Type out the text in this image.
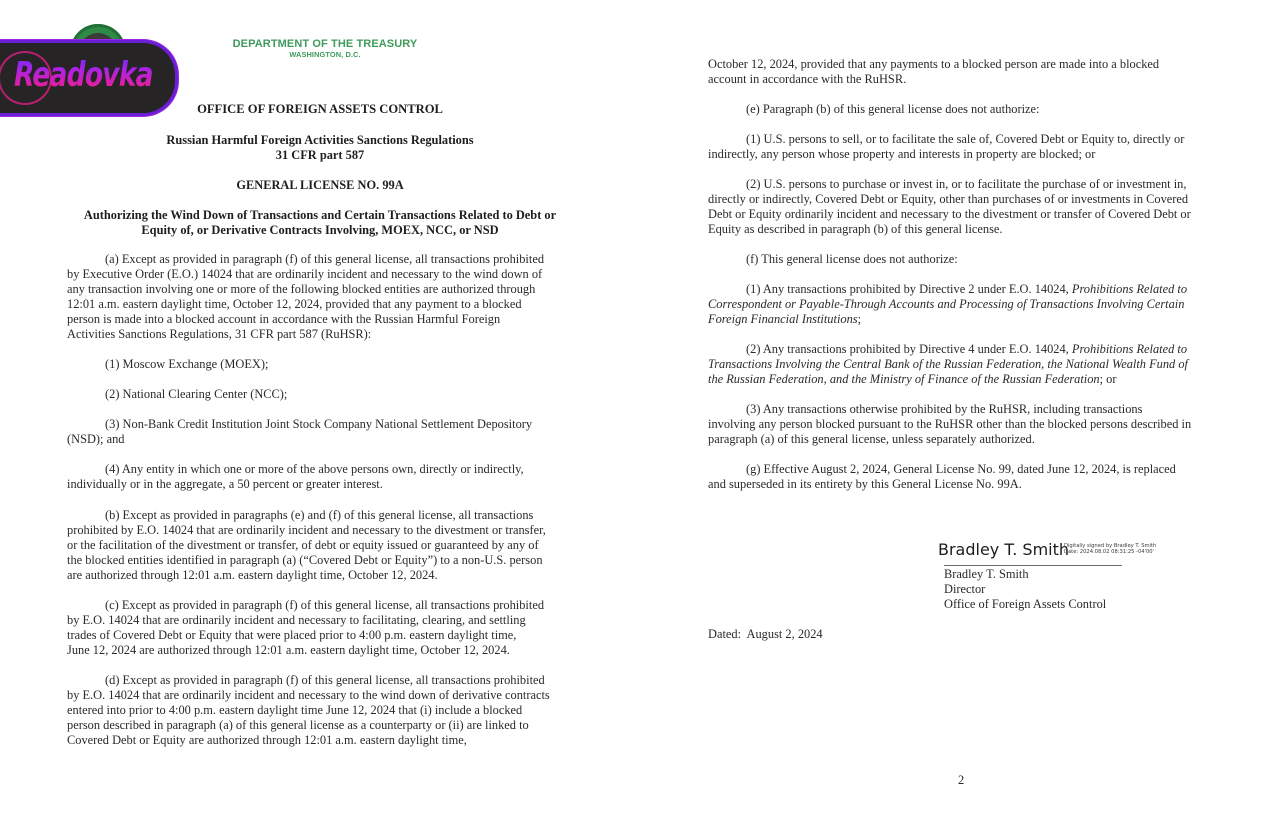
DEPARTMENT OF THE TREASURY
WASHINGTON, D.C.
OFFICE OF FOREIGN ASSETS CONTROL
Russian Harmful Foreign Activities Sanctions Regulations
31 CFR part 587
GENERAL LICENSE NO. 99A
Authorizing the Wind Down of Transactions and Certain Transactions Related to Debt or
Equity of, or Derivative Contracts Involving, MOEX, NCC, or NSD
(a) Except as provided in paragraph (f) of this general license, all transactions prohibited
by Executive Order (E.O.) 14024 that are ordinarily incident and necessary to the wind down of
any transaction involving one or more of the following blocked entities are authorized through
12:01 a.m. eastern daylight time, October 12, 2024, provided that any payment to a blocked
person is made into a blocked account in accordance with the Russian Harmful Foreign
Activities Sanctions Regulations, 31 CFR part 587 (RuHSR):
(1) Moscow Exchange (MOEX);
(2) National Clearing Center (NCC);
(3) Non-Bank Credit Institution Joint Stock Company National Settlement Depository
(NSD); and
(4) Any entity in which one or more of the above persons own, directly or indirectly,
individually or in the aggregate, a 50 percent or greater interest.
(b) Except as provided in paragraphs (e) and (f) of this general license, all transactions
prohibited by E.O. 14024 that are ordinarily incident and necessary to the divestment or transfer,
or the facilitation of the divestment or transfer, of debt or equity issued or guaranteed by any of
the blocked entities identified in paragraph (a) (“Covered Debt or Equity”) to a non-U.S. person
are authorized through 12:01 a.m. eastern daylight time, October 12, 2024.
(c) Except as provided in paragraph (f) of this general license, all transactions prohibited
by E.O. 14024 that are ordinarily incident and necessary to facilitating, clearing, and settling
trades of Covered Debt or Equity that were placed prior to 4:00 p.m. eastern daylight time,
June 12, 2024 are authorized through 12:01 a.m. eastern daylight time, October 12, 2024.
(d) Except as provided in paragraph (f) of this general license, all transactions prohibited
by E.O. 14024 that are ordinarily incident and necessary to the wind down of derivative contracts
entered into prior to 4:00 p.m. eastern daylight time June 12, 2024 that (i) include a blocked
person described in paragraph (a) of this general license as a counterparty or (ii) are linked to
Covered Debt or Equity are authorized through 12:01 a.m. eastern daylight time,
October 12, 2024, provided that any payments to a blocked person are made into a blocked
account in accordance with the RuHSR.
(e) Paragraph (b) of this general license does not authorize:
(1) U.S. persons to sell, or to facilitate the sale of, Covered Debt or Equity to, directly or
indirectly, any person whose property and interests in property are blocked; or
(2) U.S. persons to purchase or invest in, or to facilitate the purchase of or investment in,
directly or indirectly, Covered Debt or Equity, other than purchases of or investments in Covered
Debt or Equity ordinarily incident and necessary to the divestment or transfer of Covered Debt or
Equity as described in paragraph (b) of this general license.
(f) This general license does not authorize:
(1) Any transactions prohibited by Directive 2 under E.O. 14024, Prohibitions Related to
Correspondent or Payable-Through Accounts and Processing of Transactions Involving Certain
Foreign Financial Institutions;
(2) Any transactions prohibited by Directive 4 under E.O. 14024, Prohibitions Related to
Transactions Involving the Central Bank of the Russian Federation, the National Wealth Fund of
the Russian Federation, and the Ministry of Finance of the Russian Federation; or
(3) Any transactions otherwise prohibited by the RuHSR, including transactions
involving any person blocked pursuant to the RuHSR other than the blocked persons described in
paragraph (a) of this general license, unless separately authorized.
(g) Effective August 2, 2024, General License No. 99, dated June 12, 2024, is replaced
and superseded in its entirety by this General License No. 99A.
Bradley T. Smith
Digitally signed by Bradley T. Smith
Date: 2024.08.02 08:31:25 -04'00'
Bradley T. Smith
Director
Office of Foreign Assets Control
Dated:  August 2, 2024
2
Readovka
